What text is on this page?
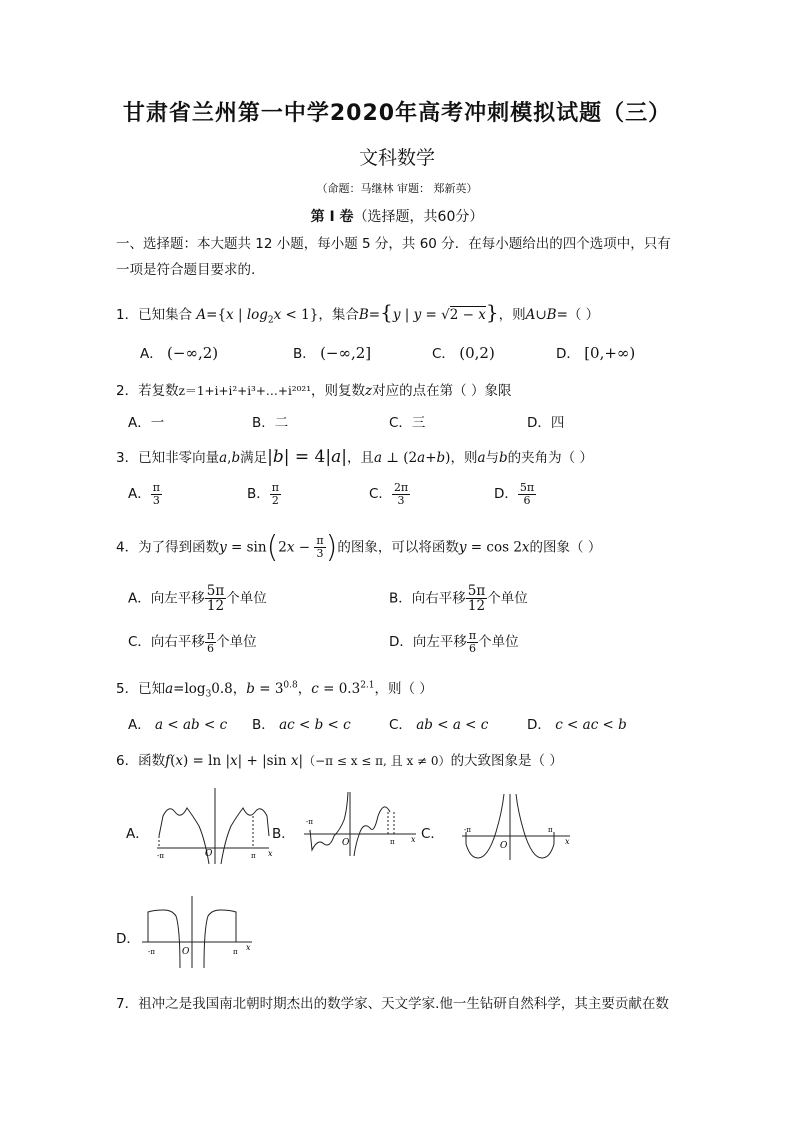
甘肃省兰州第一中学2020年高考冲刺模拟试题（三）
文科数学
（命题：马继林 审题： 郑新英）
第 Ⅰ 卷（选择题，共60分）
一、选择题：本大题共 12 小题，每小题 5 分，共 60 分．在每小题给出的四个选项中，只有
一项是符合题目要求的.
1．已知集合 A={x | $\log_2x < 1$}，集合B={y | y = √2 − x}，则A∪B=（ ）
A． (−∞,2)	B． (−∞,2]	C． (0,2)	D． [0,+∞)
2．若复数z＝1+i+i²+i³+…+i²⁰²¹，则复数z对应的点在第（ ）象限
A．一	B．二	C．三	D．四
3．已知非零向量a,b满足|b| = 4|a|，且a ⊥ (2a+b)，则a与b的夹角为（ ）
A． $\frac{\pi}{3}$	B． $\frac{\pi}{2}$	C． $\frac{2\pi}{3}$	D． $\frac{5\pi}{6}$
4．为了得到函数$y = \sin(2x - \frac{\pi}{3}$ )的图象，可以将函数y = cos 2x的图象（ ）
A．向左平移 $\frac{5\pi}{12}$ 个单位	B．向右平移 $\frac{5\pi}{12}$ 个单位
C．向右平移 $\frac{\pi}{6}$ 个单位	D．向左平移 $\frac{\pi}{6}$ 个单位
5．已知$a=\log_30.8$，$b = 3^{0.8}$，$c = 0.3^{2.1}$，则（ ）
A． a < ab < c B． ac < b < c	C． ab < a < c	D． c < ac < b
6．函数f(x) = ln |x| + |sin x|（−π ≤ x ≤ π, 且 x ≠ 0）的大致图象是（ ）
A．	B．	C．
D．
-π	O	π x
-π
O	π x
-π
O
π
x
-π	O	π x
7．祖冲之是我国南北朝时期杰出的数学家、天文学家.他一生钻研自然科学，其主要贡献在数
